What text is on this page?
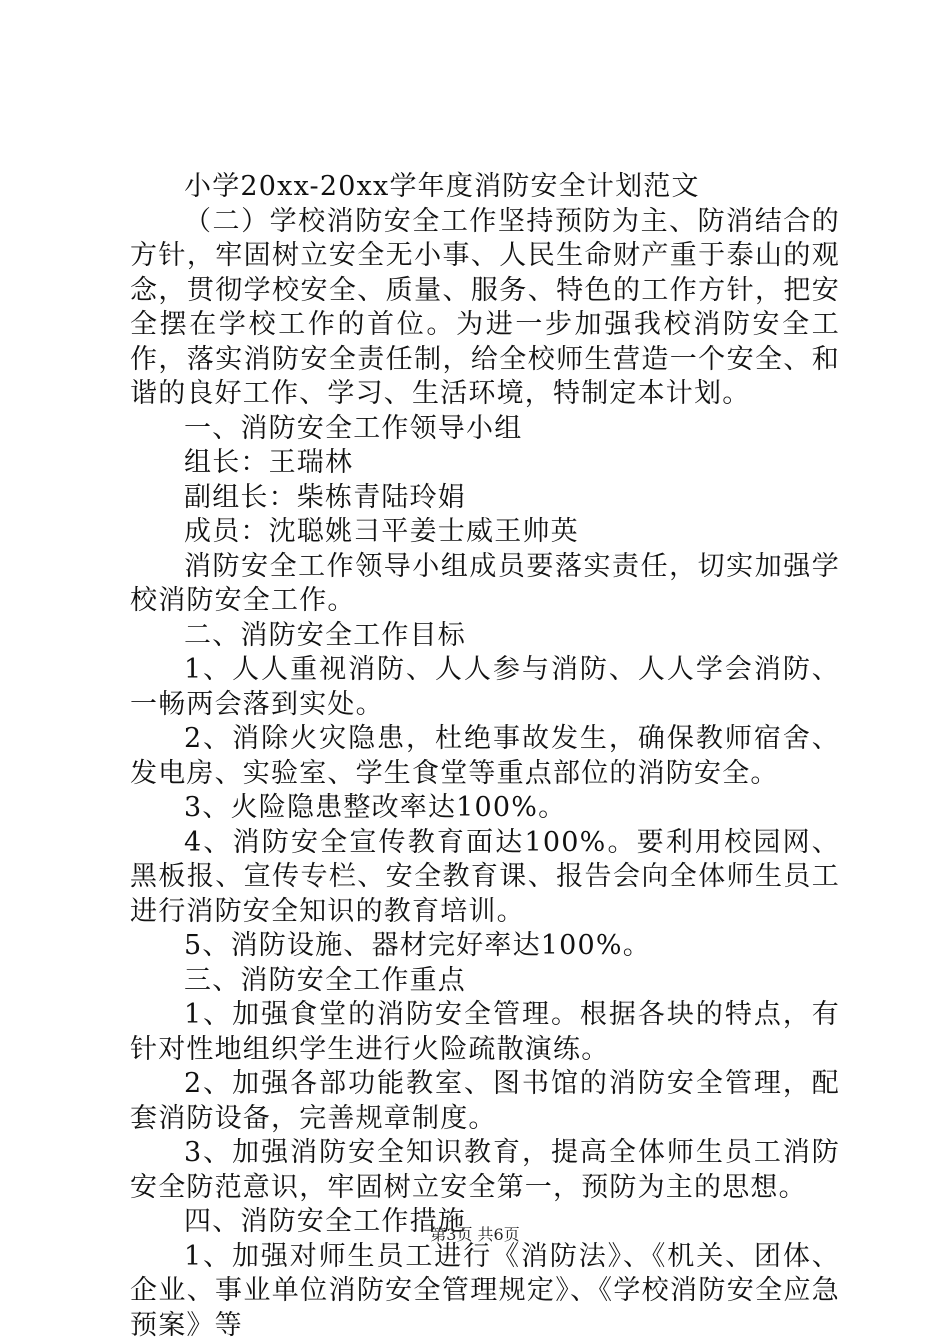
小学20xx-20xx学年度消防安全计划范文

（二）学校消防安全工作坚持预防为主、防消结合的方针，牢固树立安全无小事、人民生命财产重于泰山的观念，贯彻学校安全、质量、服务、特色的工作方针，把安全摆在学校工作的首位。为进一步加强我校消防安全工作，落实消防安全责任制，给全校师生营造一个安全、和谐的良好工作、学习、生活环境，特制定本计划。

一、消防安全工作领导小组

组长：王瑞林

副组长：柴栋青陆玲娟

成员：沈聪姚彐平姜士威王帅英

消防安全工作领导小组成员要落实责任，切实加强学校消防安全工作。

二、消防安全工作目标

1、人人重视消防、人人参与消防、人人学会消防、一畅两会落到实处。

2、消除火灾隐患，杜绝事故发生，确保教师宿舍、发电房、实验室、学生食堂等重点部位的消防安全。

3、火险隐患整改率达100%。

4、消防安全宣传教育面达100%。要利用校园网、黑板报、宣传专栏、安全教育课、报告会向全体师生员工进行消防安全知识的教育培训。

5、消防设施、器材完好率达100%。

三、消防安全工作重点

1、加强食堂的消防安全管理。根据各块的特点，有针对性地组织学生进行火险疏散演练。

2、加强各部功能教室、图书馆的消防安全管理，配套消防设备，完善规章制度。

3、加强消防安全知识教育，提高全体师生员工消防安全防范意识，牢固树立安全第一，预防为主的思想。

四、消防安全工作措施

1、加强对师生员工进行《消防法》、《机关、团体、企业、事业单位消防安全管理规定》、《学校消防安全应急预案》等

第3页 共6页
